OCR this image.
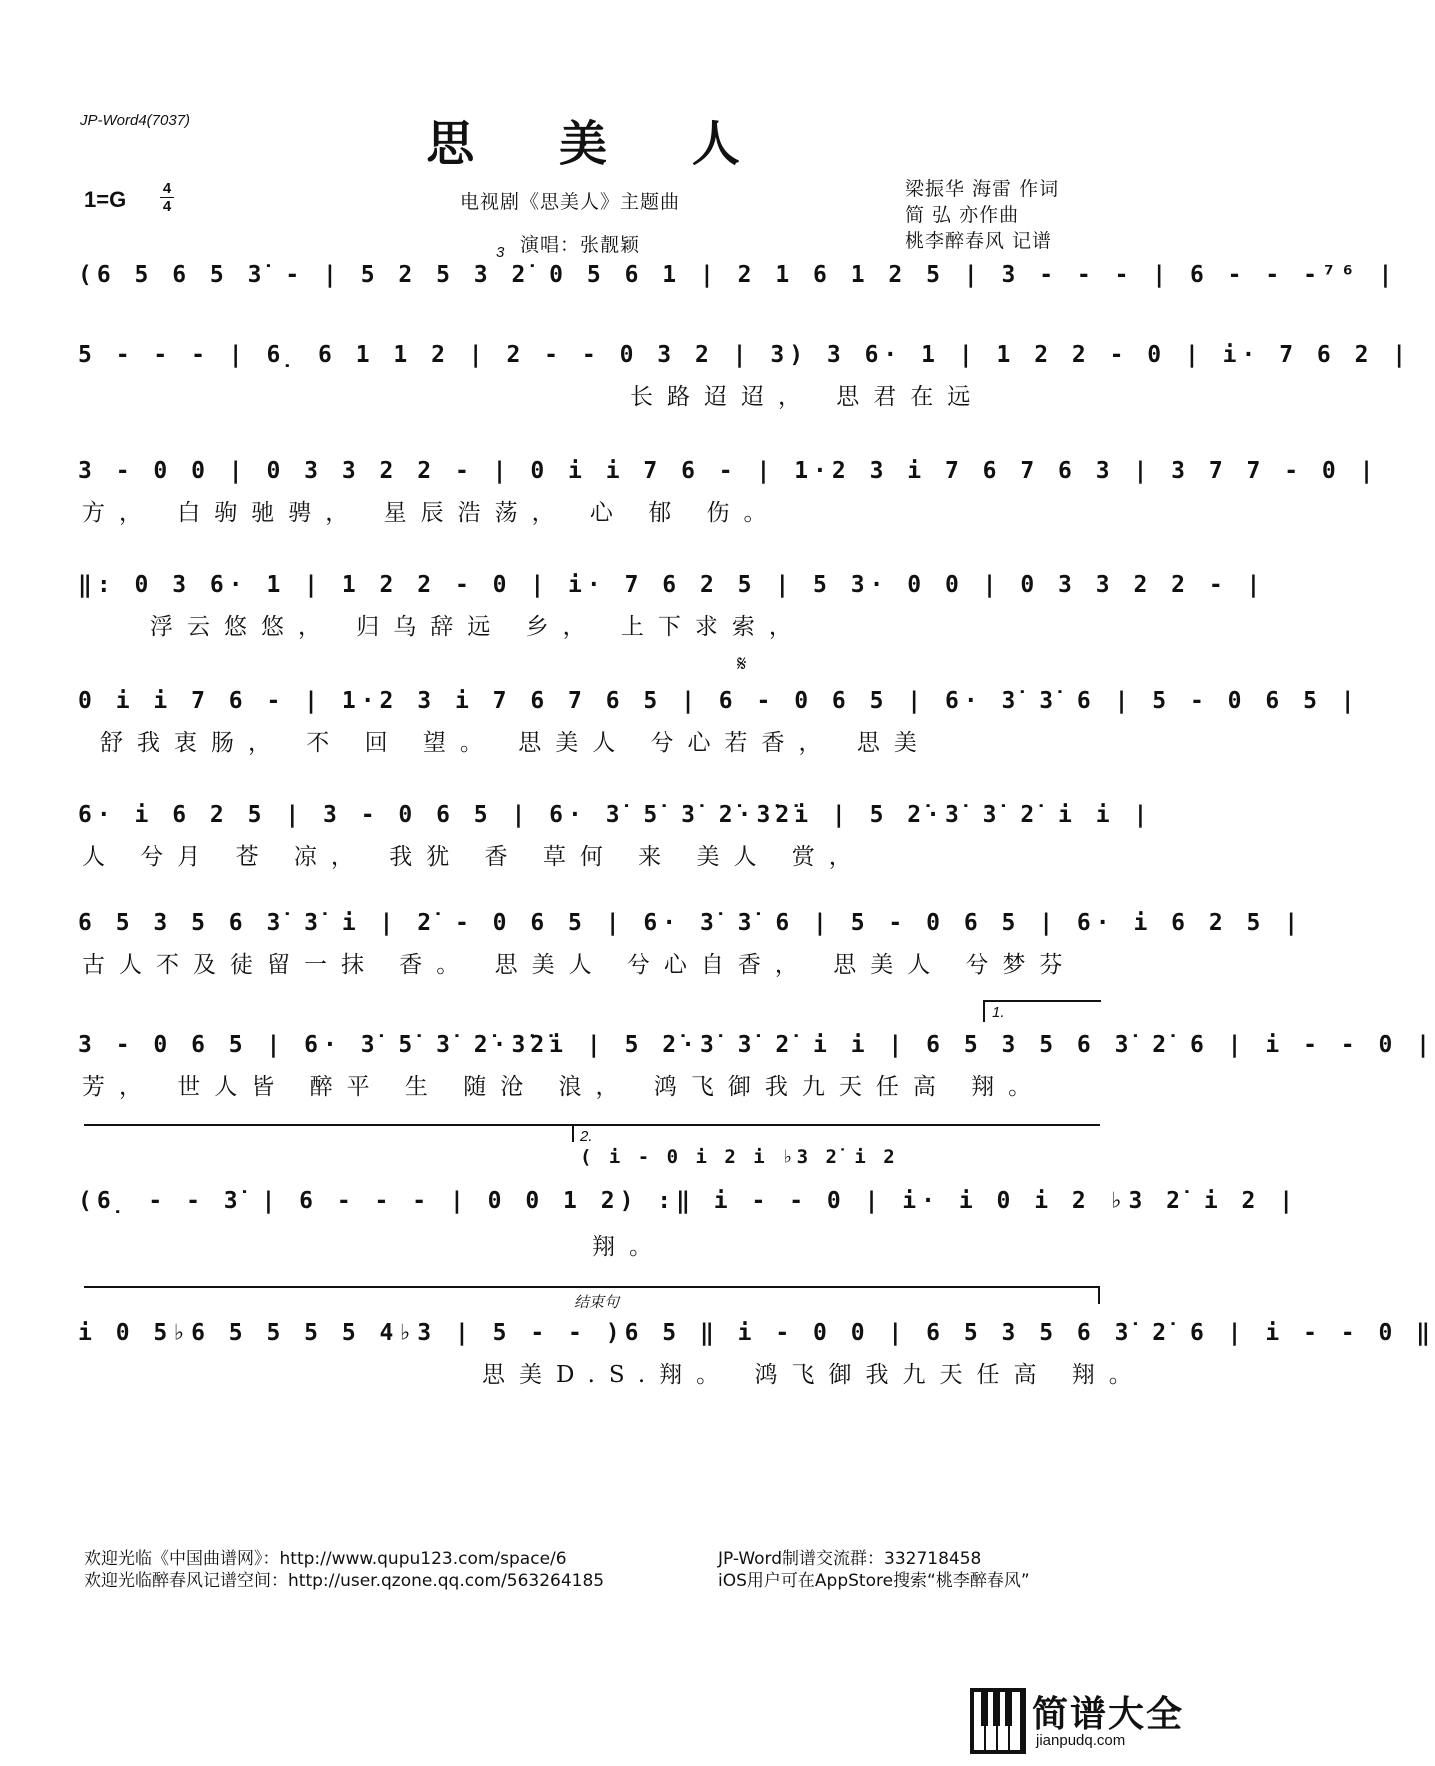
JP-Word4(7037)	思 美 人
1=G 4
4	电视剧《思美人》主题曲
演唱：张靓颖
梁振华 海雷 作词
简 弘 亦作曲
桃李醉春风 记谱
(6 5 6 5 3̇ - | 5 2 5 3 2̇ 0 5 6 1 | 2 1 6 1 2 5 | 3 - - - | 6 - - -⁷⁶ |
3
5 - - - | 6̣ 6 1 1 2 | 2 - - 0 3 2 | 3) 3 6· 1 | 1 2 2 - 0 | i· 7 6 2 |
长路迢迢， 思君在远
3 - 0 0 | 0 3 3 2 2 - | 0 i i 7 6 - | 1·2 3 i 7 6 7 6 3 | 3 7 7 - 0 |
方， 白驹驰骋， 星辰浩荡， 心 郁 伤。
‖: 0 3 6· 1 | 1 2 2 - 0 | i· 7 6 2 5 | 5 3· 0 0 | 0 3 3 2 2 - |
浮云悠悠， 归乌辞远 乡， 上下求索，
0 i i 7 6 - | 1·2 3 i 7 6 7 6 5 | 6 - 0 6 5 | 6· 3̇ 3̇ 6 | 5 - 0 6 5 |
𝄋
舒我衷肠， 不 回 望。 思美人 兮心若香， 思美
6· i 6 2 5 | 3 - 0 6 5 | 6· 3̇ 5̇ 3̇ 2̇·3̇2̇i | 5 2̇·3̇ 3̇ 2̇ i i |
人 兮月 苍 凉， 我犹 香 草何 来 美人 赏，
6 5 3 5 6 3̇ 3̇ i | 2̇ - 0 6 5 | 6· 3̇ 3̇ 6 | 5 - 0 6 5 | 6· i 6 2 5 |
古人不及徒留一抹 香。 思美人 兮心自香， 思美人 兮梦芬
1.
3 - 0 6 5 | 6· 3̇ 5̇ 3̇ 2̇·3̇2̇i | 5 2̇·3̇ 3̇ 2̇ i i | 6 5 3 5 6 3̇ 2̇ 6 | i - - 0 |
芳， 世人皆 醉平 生 随沧 浪， 鸿飞御我九天任高 翔。
2.
( i - 0 i 2 i ♭3 2̇ i 2
(6̣ - - 3̇ | 6 - - - | 0 0 1 2) :‖ i - - 0 | i· i 0 i 2 ♭3 2̇ i 2 |
翔。
结束句
i 0 5♭6 5 5 5 5 4♭3 | 5 - - )6 5 ‖ i - 0 0 | 6 5 3 5 6 3̇ 2̇ 6 | i - - 0 ‖
思美D.S.翔。 鸿飞御我九天任高 翔。
欢迎光临《中国曲谱网》：http://www.qupu123.com/space/6
欢迎光临醉春风记谱空间：http://user.qzone.qq.com/563264185
JP-Word制谱交流群：332718458
iOS用户可在AppStore搜索“桃李醉春风”
简谱大全
jianpudq.com
